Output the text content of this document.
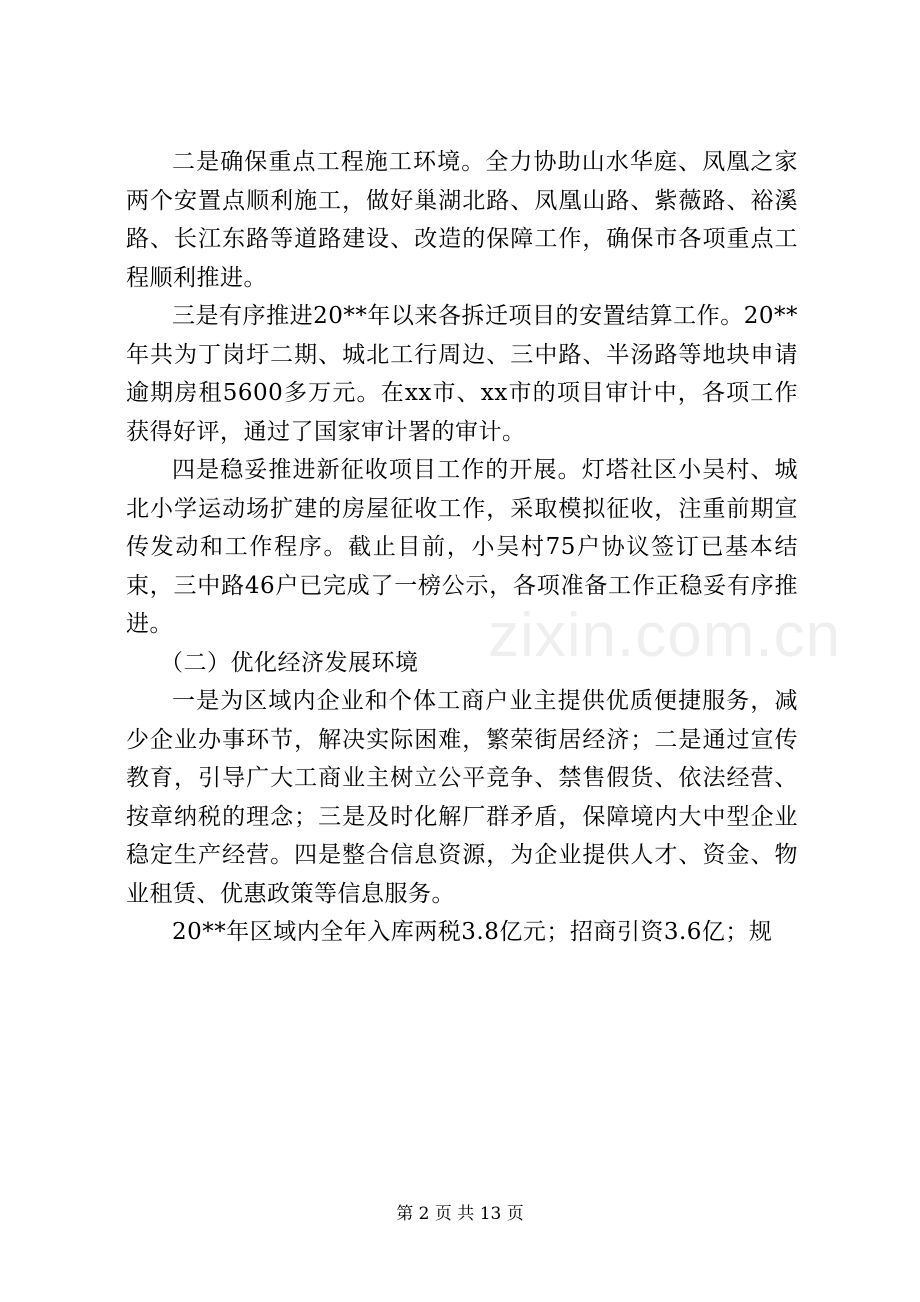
二是确保重点工程施工环境。全力协助山水华庭、凤凰之家两个安置点顺利施工，做好巢湖北路、凤凰山路、紫薇路、裕溪路、长江东路等道路建设、改造的保障工作，确保市各项重点工程顺利推进。

三是有序推进20**年以来各拆迁项目的安置结算工作。20**年共为丁岗圩二期、城北工行周边、三中路、半汤路等地块申请逾期房租5600多万元。在xx市、xx市的项目审计中，各项工作获得好评，通过了国家审计署的审计。

四是稳妥推进新征收项目工作的开展。灯塔社区小吴村、城北小学运动场扩建的房屋征收工作，采取模拟征收，注重前期宣传发动和工作程序。截止目前，小吴村75户协议签订已基本结束，三中路46户已完成了一榜公示，各项准备工作正稳妥有序推进。

（二）优化经济发展环境

一是为区域内企业和个体工商户业主提供优质便捷服务，减少企业办事环节，解决实际困难，繁荣街居经济；二是通过宣传教育，引导广大工商业主树立公平竞争、禁售假货、依法经营、按章纳税的理念；三是及时化解厂群矛盾，保障境内大中型企业稳定生产经营。四是整合信息资源，为企业提供人才、资金、物业租赁、优惠政策等信息服务。

20**年区域内全年入库两税3.8亿元；招商引资3.6亿；规

zixin.com.cn
第 2 页 共 13 页
